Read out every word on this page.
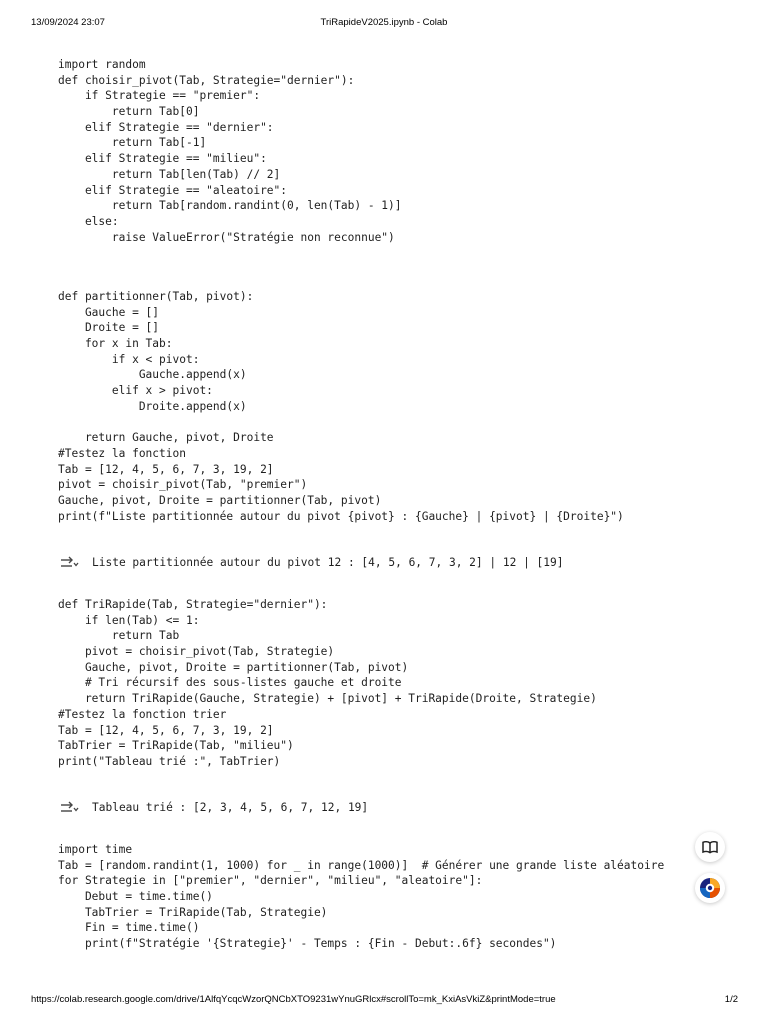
13/09/2024 23:07	TriRapideV2025.ipynb - Colab
import random
def choisir_pivot(Tab, Strategie="dernier"):
if Strategie == "premier":
return Tab[0]
elif Strategie == "dernier":
return Tab[-1]
elif Strategie == "milieu":
return Tab[len(Tab) // 2]
elif Strategie == "aleatoire":
return Tab[random.randint(0, len(Tab) - 1)]
else:
raise ValueError("Stratégie non reconnue")
def partitionner(Tab, pivot):
Gauche = []
Droite = []
for x in Tab:
if x < pivot:
Gauche.append(x)
elif x > pivot:
Droite.append(x)
return Gauche, pivot, Droite
#Testez la fonction
Tab = [12, 4, 5, 6, 7, 3, 19, 2]
pivot = choisir_pivot(Tab, "premier")
Gauche, pivot, Droite = partitionner(Tab, pivot)
print(f"Liste partitionnée autour du pivot {pivot} : {Gauche} | {pivot} | {Droite}")
Liste partitionnée autour du pivot 12 : [4, 5, 6, 7, 3, 2] | 12 | [19]
def TriRapide(Tab, Strategie="dernier"):
if len(Tab) <= 1:
return Tab
pivot = choisir_pivot(Tab, Strategie)
Gauche, pivot, Droite = partitionner(Tab, pivot)
# Tri récursif des sous-listes gauche et droite
return TriRapide(Gauche, Strategie) + [pivot] + TriRapide(Droite, Strategie)
#Testez la fonction trier
Tab = [12, 4, 5, 6, 7, 3, 19, 2]
TabTrier = TriRapide(Tab, "milieu")
print("Tableau trié :", TabTrier)
Tableau trié : [2, 3, 4, 5, 6, 7, 12, 19]
import time
Tab = [random.randint(1, 1000) for _ in range(1000)]  # Générer une grande liste aléatoire
for Strategie in ["premier", "dernier", "milieu", "aleatoire"]:
Debut = time.time()
TabTrier = TriRapide(Tab, Strategie)
Fin = time.time()
print(f"Stratégie '{Strategie}' - Temps : {Fin - Debut:.6f} secondes")
https://colab.research.google.com/drive/1AlfqYcqcWzorQNCbXTO9231wYnuGRlcx#scrollTo=mk_KxiAsVkiZ&printMode=true	1/2
